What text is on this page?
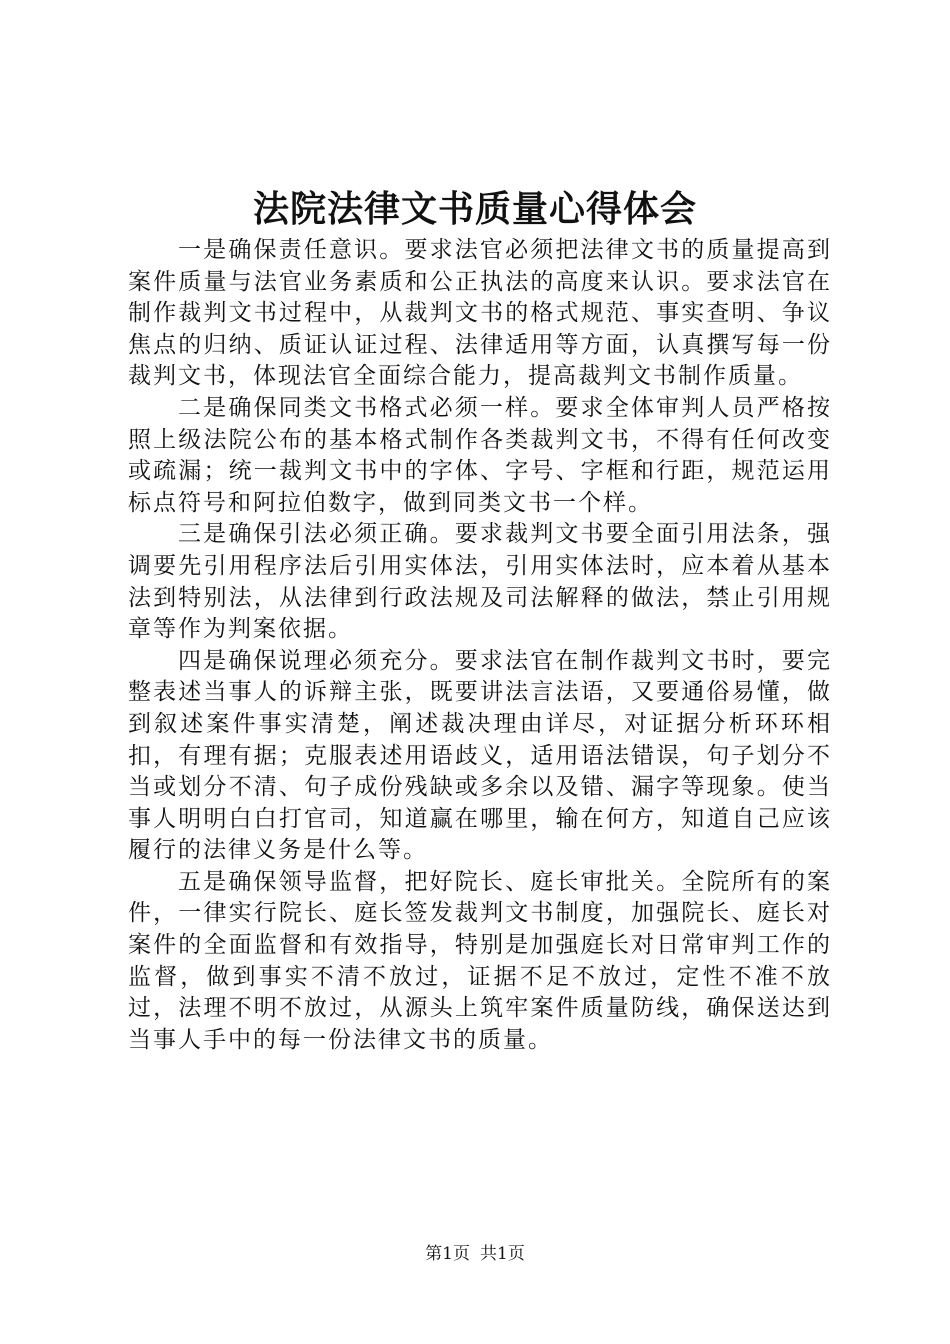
法院法律文书质量心得体会

一是确保责任意识。要求法官必须把法律文书的质量提高到案件质量与法官业务素质和公正执法的高度来认识。要求法官在制作裁判文书过程中，从裁判文书的格式规范、事实查明、争议焦点的归纳、质证认证过程、法律适用等方面，认真撰写每一份裁判文书，体现法官全面综合能力，提高裁判文书制作质量。

二是确保同类文书格式必须一样。要求全体审判人员严格按照上级法院公布的基本格式制作各类裁判文书，不得有任何改变或疏漏；统一裁判文书中的字体、字号、字框和行距，规范运用标点符号和阿拉伯数字，做到同类文书一个样。

三是确保引法必须正确。要求裁判文书要全面引用法条，强调要先引用程序法后引用实体法，引用实体法时，应本着从基本法到特别法，从法律到行政法规及司法解释的做法，禁止引用规章等作为判案依据。

四是确保说理必须充分。要求法官在制作裁判文书时，要完整表述当事人的诉辩主张，既要讲法言法语，又要通俗易懂，做到叙述案件事实清楚，阐述裁决理由详尽，对证据分析环环相扣，有理有据；克服表述用语歧义，适用语法错误，句子划分不当或划分不清、句子成份残缺或多余以及错、漏字等现象。使当事人明明白白打官司，知道赢在哪里，输在何方，知道自己应该履行的法律义务是什么等。

五是确保领导监督，把好院长、庭长审批关。全院所有的案件，一律实行院长、庭长签发裁判文书制度，加强院长、庭长对案件的全面监督和有效指导，特别是加强庭长对日常审判工作的监督，做到事实不清不放过，证据不足不放过，定性不准不放过，法理不明不放过，从源头上筑牢案件质量防线，确保送达到当事人手中的每一份法律文书的质量。

第1页 共1页
